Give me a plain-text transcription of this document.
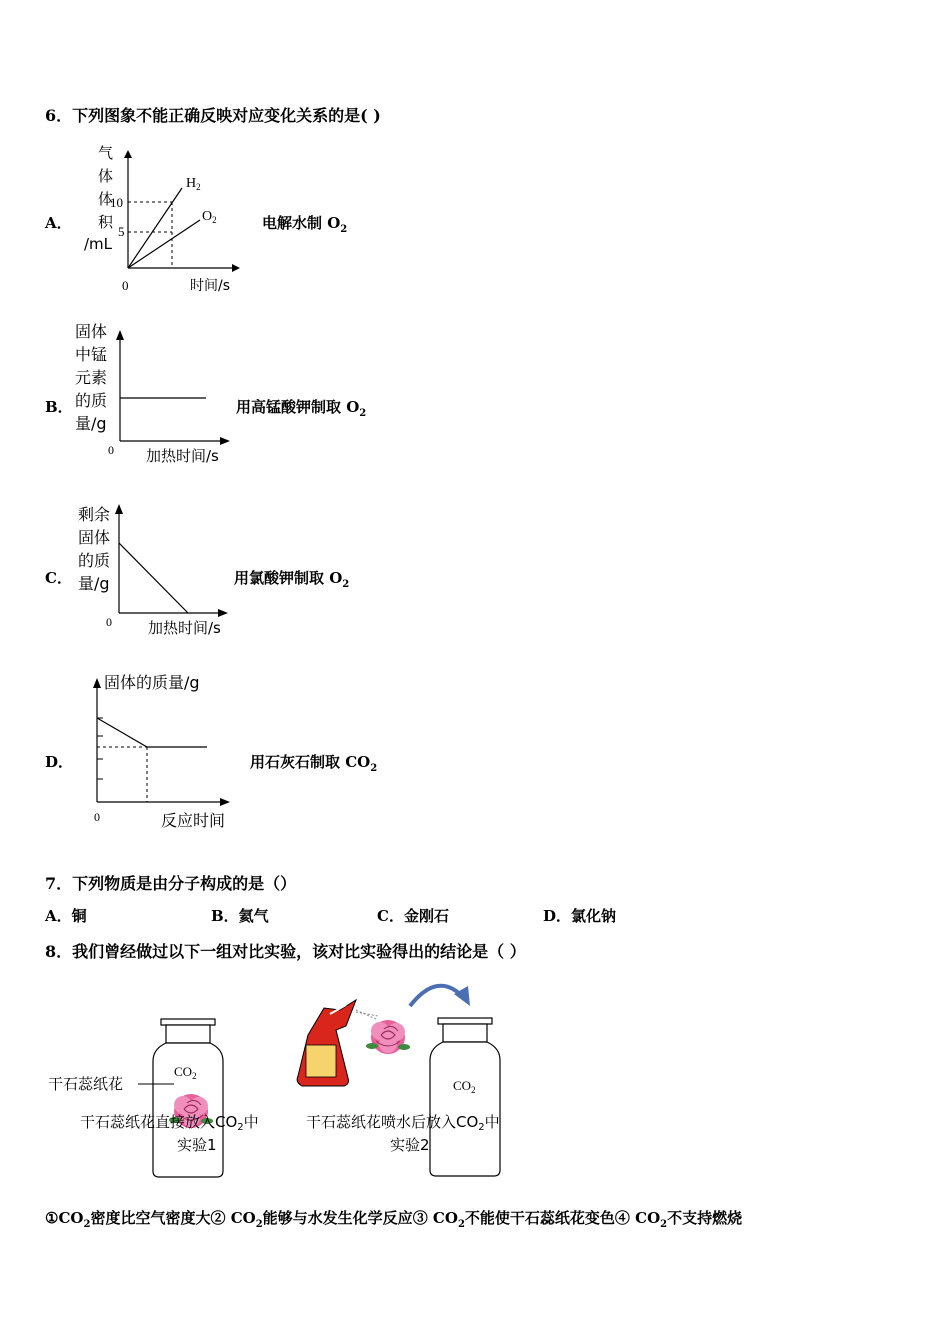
6．下列图象不能正确反映对应变化关系的是( )
A．
气
体
体
积
/mL
10
5
$H_2$
$O_2$
0	时间/s
电解水制 $O_2$
B．
固体
中锰
元素
的质
量/g
0 加热时间/s
用高锰酸钾制取 $O_2$
C．
剩余
固体
的质
量/g
0 加热时间/s
用氯酸钾制取 $O_2$
D．
固体的质量/g
0	反应时间
用石灰石制取 $CO_2$
7．下列物质是由分子构成的是（）
A．铜	B．氦气	C．金刚石	D．氯化钠
8．我们曾经做过以下一组对比实验，该对比实验得出的结论是（ ）
$CO_2$
干石蕊纸花	$CO_2$
干石蕊纸花直接放入$CO_2$中
实验1
干石蕊纸花喷水后放入$CO_2$中
实验2
$①CO_2$密度比空气密度大② $CO_2$能够与水发生化学反应③ $CO_2$不能使干石蕊纸花变色④ $CO_2$不支持燃烧
